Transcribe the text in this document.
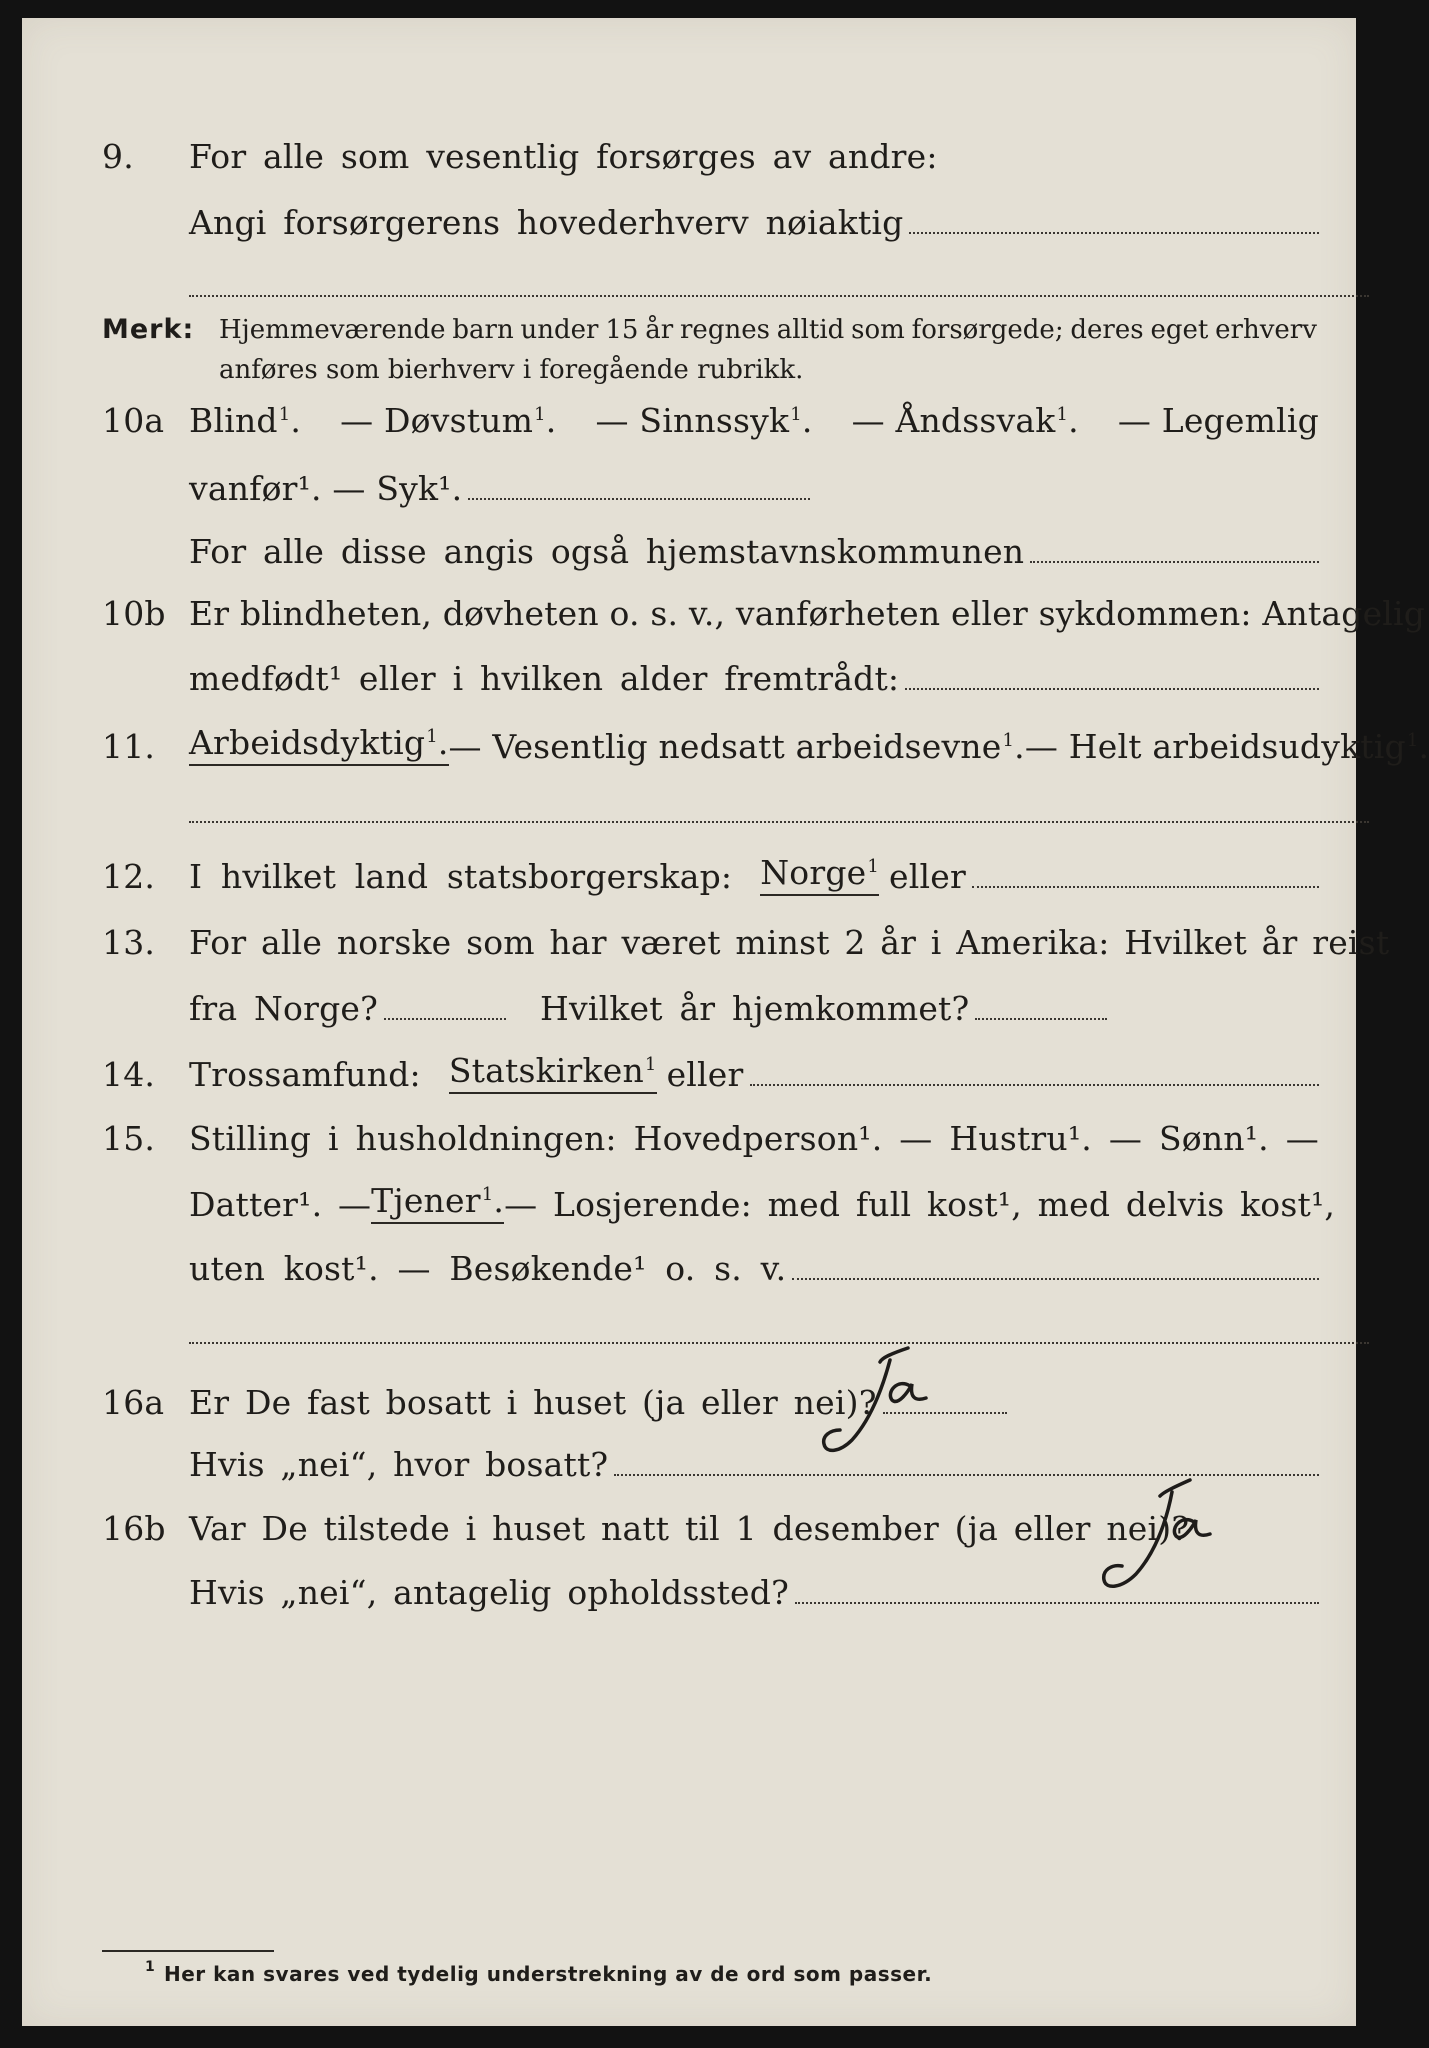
9. For alle som vesentlig forsørges av andre:
Angi forsørgerens hovederhverv nøiaktig
Merk: Hjemmeværende barn under 15 år regnes alltid som forsørgede; deres eget erhverv
anføres som bierhverv i foregående rubrikk.
10a Blind$^1$. — Døvstum$^1$. — Sinnssyk$^1$. — Åndssvak$^1$. — Legemlig
vanfør¹. — Syk¹.
For alle disse angis også hjemstavnskommunen
10b Er blindheten, døvheten o. s. v., vanførheten eller sykdommen: Antagelig
medfødt¹ eller i hvilken alder fremtrådt:
11. Arbeidsdyktig$^1$. — Vesentlig nedsatt arbeidsevne$^1$. — Helt arbeidsudyktig$^1$.
12. I hvilket land statsborgerskap: Norge$^1$ eller
13. For alle norske som har været minst 2 år i Amerika: Hvilket år reist
fra Norge?	Hvilket år hjemkommet?
14. Trossamfund: Statskirken$^1$ eller
15. Stilling i husholdningen: Hovedperson¹. — Hustru¹. — Sønn¹. —
Datter¹. — Tjener$^1$. — Losjerende: med full kost¹, med delvis kost¹,
uten kost¹. — Besøkende¹ o. s. v.
16a Er De fast bosatt i huset (ja eller nei)?
Hvis „nei“, hvor bosatt?
16b Var De tilstede i huset natt til 1 desember (ja eller nei)?
Hvis „nei“, antagelig opholdssted?
1 Her kan svares ved tydelig understrekning av de ord som passer.
